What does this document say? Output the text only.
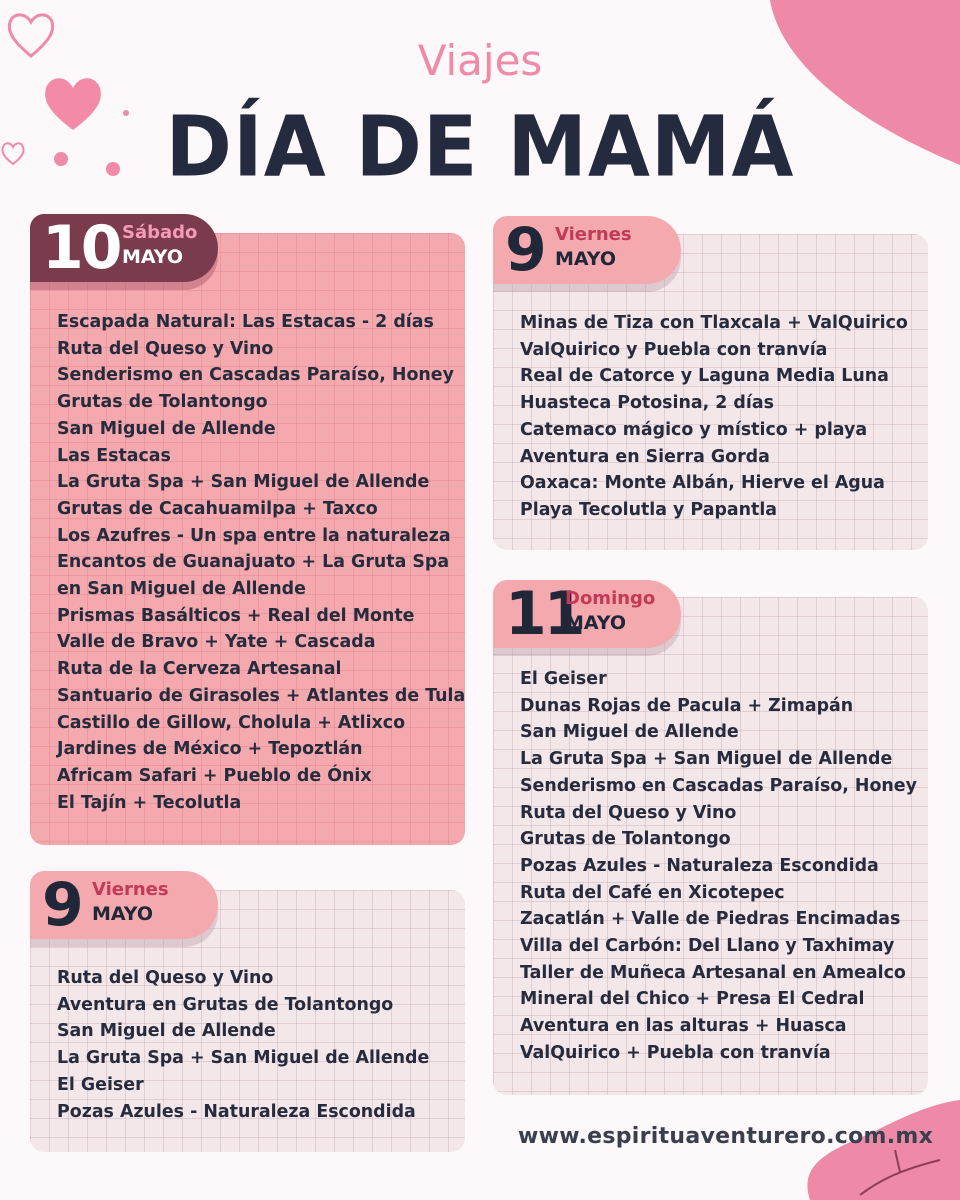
Viajes
DÍA DE MAMÁ
10 Sábado
MAYO
Escapada Natural: Las Estacas - 2 días
Ruta del Queso y Vino
Senderismo en Cascadas Paraíso, Honey
Grutas de Tolantongo
San Miguel de Allende
Las Estacas
La Gruta Spa + San Miguel de Allende
Grutas de Cacahuamilpa + Taxco
Los Azufres - Un spa entre la naturaleza
Encantos de Guanajuato + La Gruta Spa
en San Miguel de Allende
Prismas Basálticos + Real del Monte
Valle de Bravo + Yate + Cascada
Ruta de la Cerveza Artesanal
Santuario de Girasoles + Atlantes de Tula
Castillo de Gillow, Cholula + Atlixco
Jardines de México + Tepoztlán
Africam Safari + Pueblo de Ónix
El Tajín + Tecolutla
9 Viernes
MAYO
Minas de Tiza con Tlaxcala + ValQuirico
ValQuirico y Puebla con tranvía
Real de Catorce y Laguna Media Luna
Huasteca Potosina, 2 días
Catemaco mágico y místico + playa
Aventura en Sierra Gorda
Oaxaca: Monte Albán, Hierve el Agua
Playa Tecolutla y Papantla
11
Domingo
MAYO
El Geiser
Dunas Rojas de Pacula + Zimapán
San Miguel de Allende
La Gruta Spa + San Miguel de Allende
Senderismo en Cascadas Paraíso, Honey
Ruta del Queso y Vino
Grutas de Tolantongo
Pozas Azules - Naturaleza Escondida
Ruta del Café en Xicotepec
Zacatlán + Valle de Piedras Encimadas
Villa del Carbón: Del Llano y Taxhimay
Taller de Muñeca Artesanal en Amealco
Mineral del Chico + Presa El Cedral
Aventura en las alturas + Huasca
ValQuirico + Puebla con tranvía
9 Viernes
MAYO
Ruta del Queso y Vino
Aventura en Grutas de Tolantongo
San Miguel de Allende
La Gruta Spa + San Miguel de Allende
El Geiser
Pozas Azules - Naturaleza Escondida
www.espirituaventurero.com.mx
